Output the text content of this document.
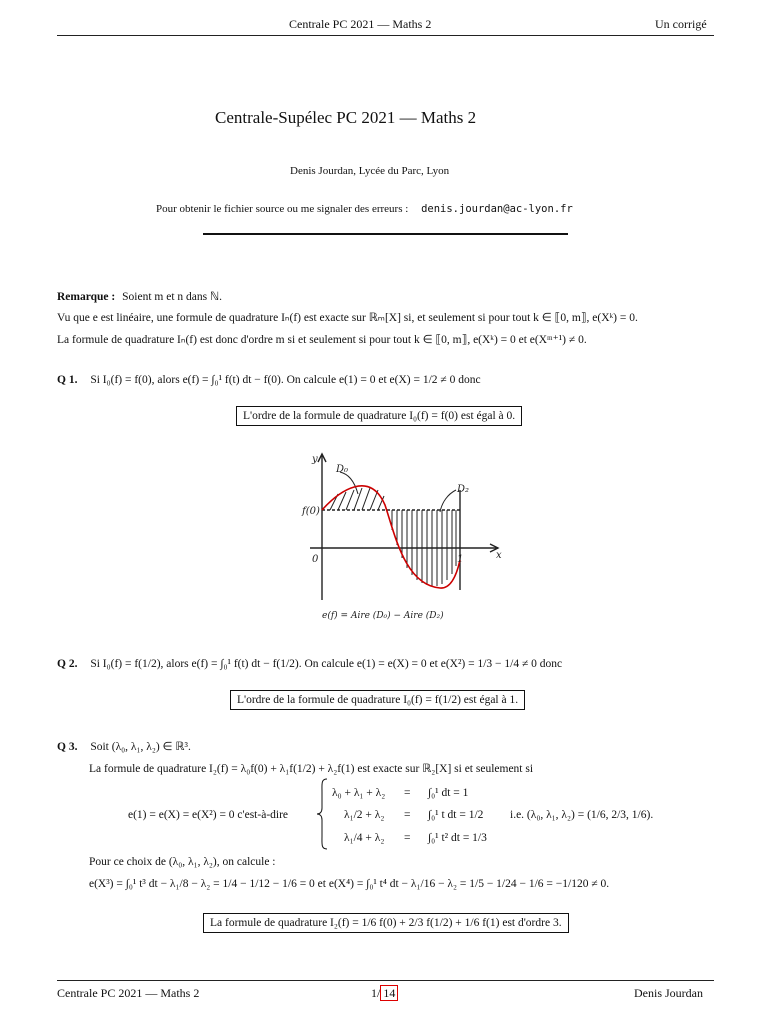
Centrale PC 2021 — Maths 2	Un corrigé
Centrale-Supélec PC 2021 — Maths 2
Denis Jourdan, Lycée du Parc, Lyon
Pour obtenir le fichier source ou me signaler des erreurs : denis.jourdan@ac-lyon.fr
Remarque : Soient m et n dans ℕ.
Vu que e est linéaire, une formule de quadrature Iₙ(f) est exacte sur ℝₘ[X] si, et seulement si pour tout k ∈ ⟦0, m⟧, e(Xᵏ) = 0.
La formule de quadrature Iₙ(f) est donc d'ordre m si et seulement si pour tout k ∈ ⟦0, m⟧, e(Xᵏ) = 0 et e(Xᵐ⁺¹) ≠ 0.
Q 1. Si I₀(f) = f(0), alors e(f) = ∫₀¹ f(t) dt − f(0). On calcule e(1) = 0 et e(X) = 1/2 ≠ 0 donc
L'ordre de la formule de quadrature I₀(f) = f(0) est égal à 0.
y
x
f(0)
0	1
D₀
D₂
e(f) = Aire (D₀) − Aire (D₂)
Q 2. Si I₀(f) = f(1/2), alors e(f) = ∫₀¹ f(t) dt − f(1/2). On calcule e(1) = e(X) = 0 et e(X²) = 1/3 − 1/4 ≠ 0 donc
L'ordre de la formule de quadrature I₀(f) = f(1/2) est égal à 1.
Q 3. Soit (λ₀, λ₁, λ₂) ∈ ℝ³.
La formule de quadrature I₂(f) = λ₀f(0) + λ₁f(1/2) + λ₂f(1) est exacte sur ℝ₂[X] si et seulement si
e(1) = e(X) = e(X²) = 0 c'est-à-dire
λ₀ + λ₁ + λ₂ = ∫₀¹ dt = 1
λ₁/2 + λ₂ = ∫₀¹ t dt = 1/2
λ₁/4 + λ₂ = ∫₀¹ t² dt = 1/3
i.e. (λ₀, λ₁, λ₂) = (1/6, 2/3, 1/6).
Pour ce choix de (λ₀, λ₁, λ₂), on calcule :
e(X³) = ∫₀¹ t³ dt − λ₁/8 − λ₂ = 1/4 − 1/12 − 1/6 = 0 et e(X⁴) = ∫₀¹ t⁴ dt − λ₁/16 − λ₂ = 1/5 − 1/24 − 1/6 = −1/120 ≠ 0.
La formule de quadrature I₂(f) = 1/6 f(0) + 2/3 f(1/2) + 1/6 f(1) est d'ordre 3.
Centrale PC 2021 — Maths 2	1/ 14	Denis Jourdan
